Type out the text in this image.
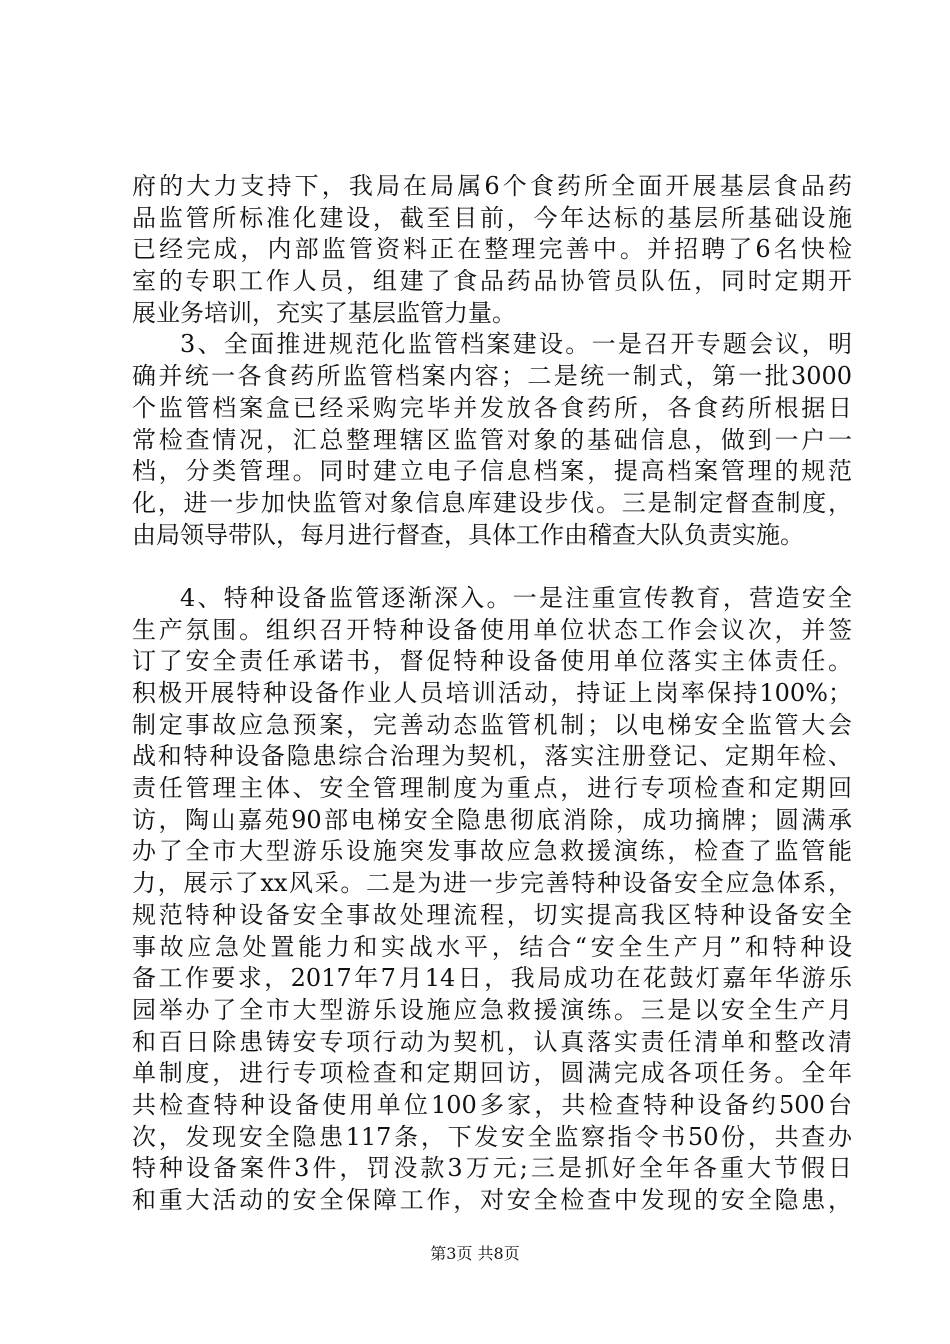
府的大力支持下，我局在局属6个食药所全面开展基层食品药
品监管所标准化建设，截至目前，今年达标的基层所基础设施
已经完成，内部监管资料正在整理完善中。并招聘了6名快检
室的专职工作人员，组建了食品药品协管员队伍，同时定期开
展业务培训，充实了基层监管力量。
3、全面推进规范化监管档案建设。一是召开专题会议，明
确并统一各食药所监管档案内容；二是统一制式，第一批3000
个监管档案盒已经采购完毕并发放各食药所，各食药所根据日
常检查情况，汇总整理辖区监管对象的基础信息，做到一户一
档，分类管理。同时建立电子信息档案，提高档案管理的规范
化，进一步加快监管对象信息库建设步伐。三是制定督查制度，
由局领导带队，每月进行督查，具体工作由稽查大队负责实施。
4、特种设备监管逐渐深入。一是注重宣传教育，营造安全
生产氛围。组织召开特种设备使用单位状态工作会议次，并签
订了安全责任承诺书，督促特种设备使用单位落实主体责任。
积极开展特种设备作业人员培训活动，持证上岗率保持100%；
制定事故应急预案，完善动态监管机制；以电梯安全监管大会
战和特种设备隐患综合治理为契机，落实注册登记、定期年检、
责任管理主体、安全管理制度为重点，进行专项检查和定期回
访，陶山嘉苑90部电梯安全隐患彻底消除，成功摘牌；圆满承
办了全市大型游乐设施突发事故应急救援演练，检查了监管能
力，展示了xx风采。二是为进一步完善特种设备安全应急体系，
规范特种设备安全事故处理流程，切实提高我区特种设备安全
事故应急处置能力和实战水平，结合“安全生产月”和特种设
备工作要求，2017年7月14日，我局成功在花鼓灯嘉年华游乐
园举办了全市大型游乐设施应急救援演练。三是以安全生产月
和百日除患铸安专项行动为契机，认真落实责任清单和整改清
单制度，进行专项检查和定期回访，圆满完成各项任务。全年
共检查特种设备使用单位100多家，共检查特种设备约500台
次，发现安全隐患117条，下发安全监察指令书50份，共查办
特种设备案件3件，罚没款3万元;三是抓好全年各重大节假日
和重大活动的安全保障工作，对安全检查中发现的安全隐患，
第3页 共8页
